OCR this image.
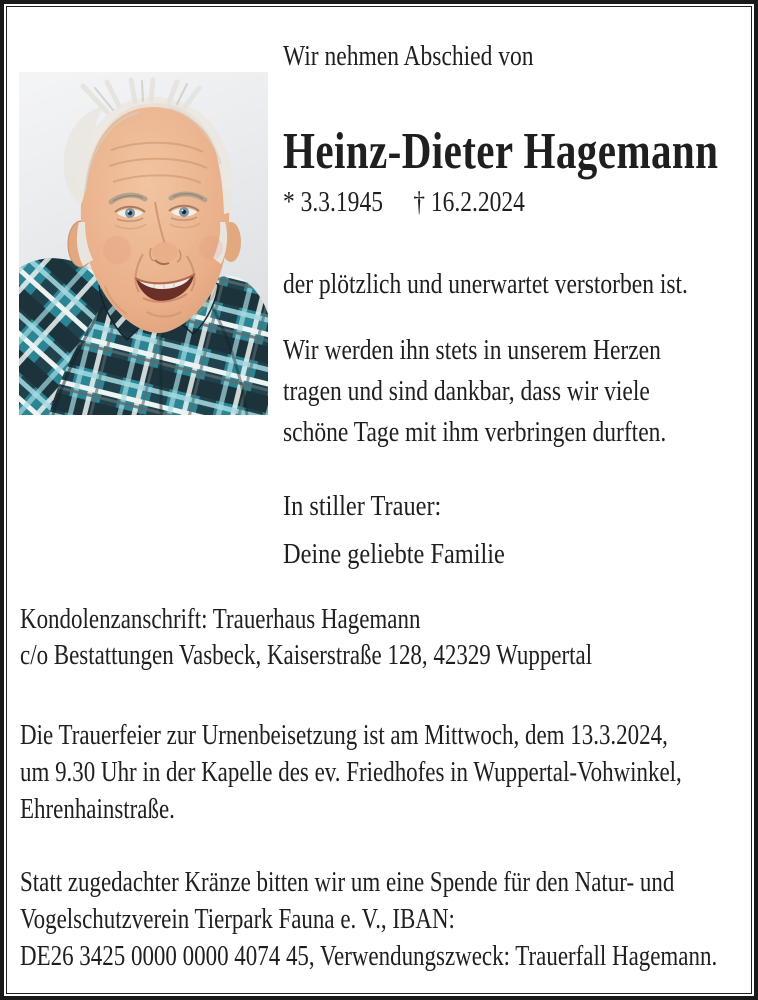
Wir nehmen Abschied von
Heinz-Dieter Hagemann
* 3.3.1945 † 16.2.2024
der plötzlich und unerwartet verstorben ist.
Wir werden ihn stets in unserem Herzen
tragen und sind dankbar, dass wir viele
schöne Tage mit ihm verbringen durften.
In stiller Trauer:
Deine geliebte Familie
Kondolenzanschrift: Trauerhaus Hagemann
c/o Bestattungen Vasbeck, Kaiserstraße 128, 42329 Wuppertal
Die Trauerfeier zur Urnenbeisetzung ist am Mittwoch, dem 13.3.2024,
um 9.30 Uhr in der Kapelle des ev. Friedhofes in Wuppertal-Vohwinkel,
Ehrenhainstraße.
Statt zugedachter Kränze bitten wir um eine Spende für den Natur- und
Vogelschutzverein Tierpark Fauna e. V., IBAN:
DE26 3425 0000 0000 4074 45, Verwendungszweck: Trauerfall Hagemann.
